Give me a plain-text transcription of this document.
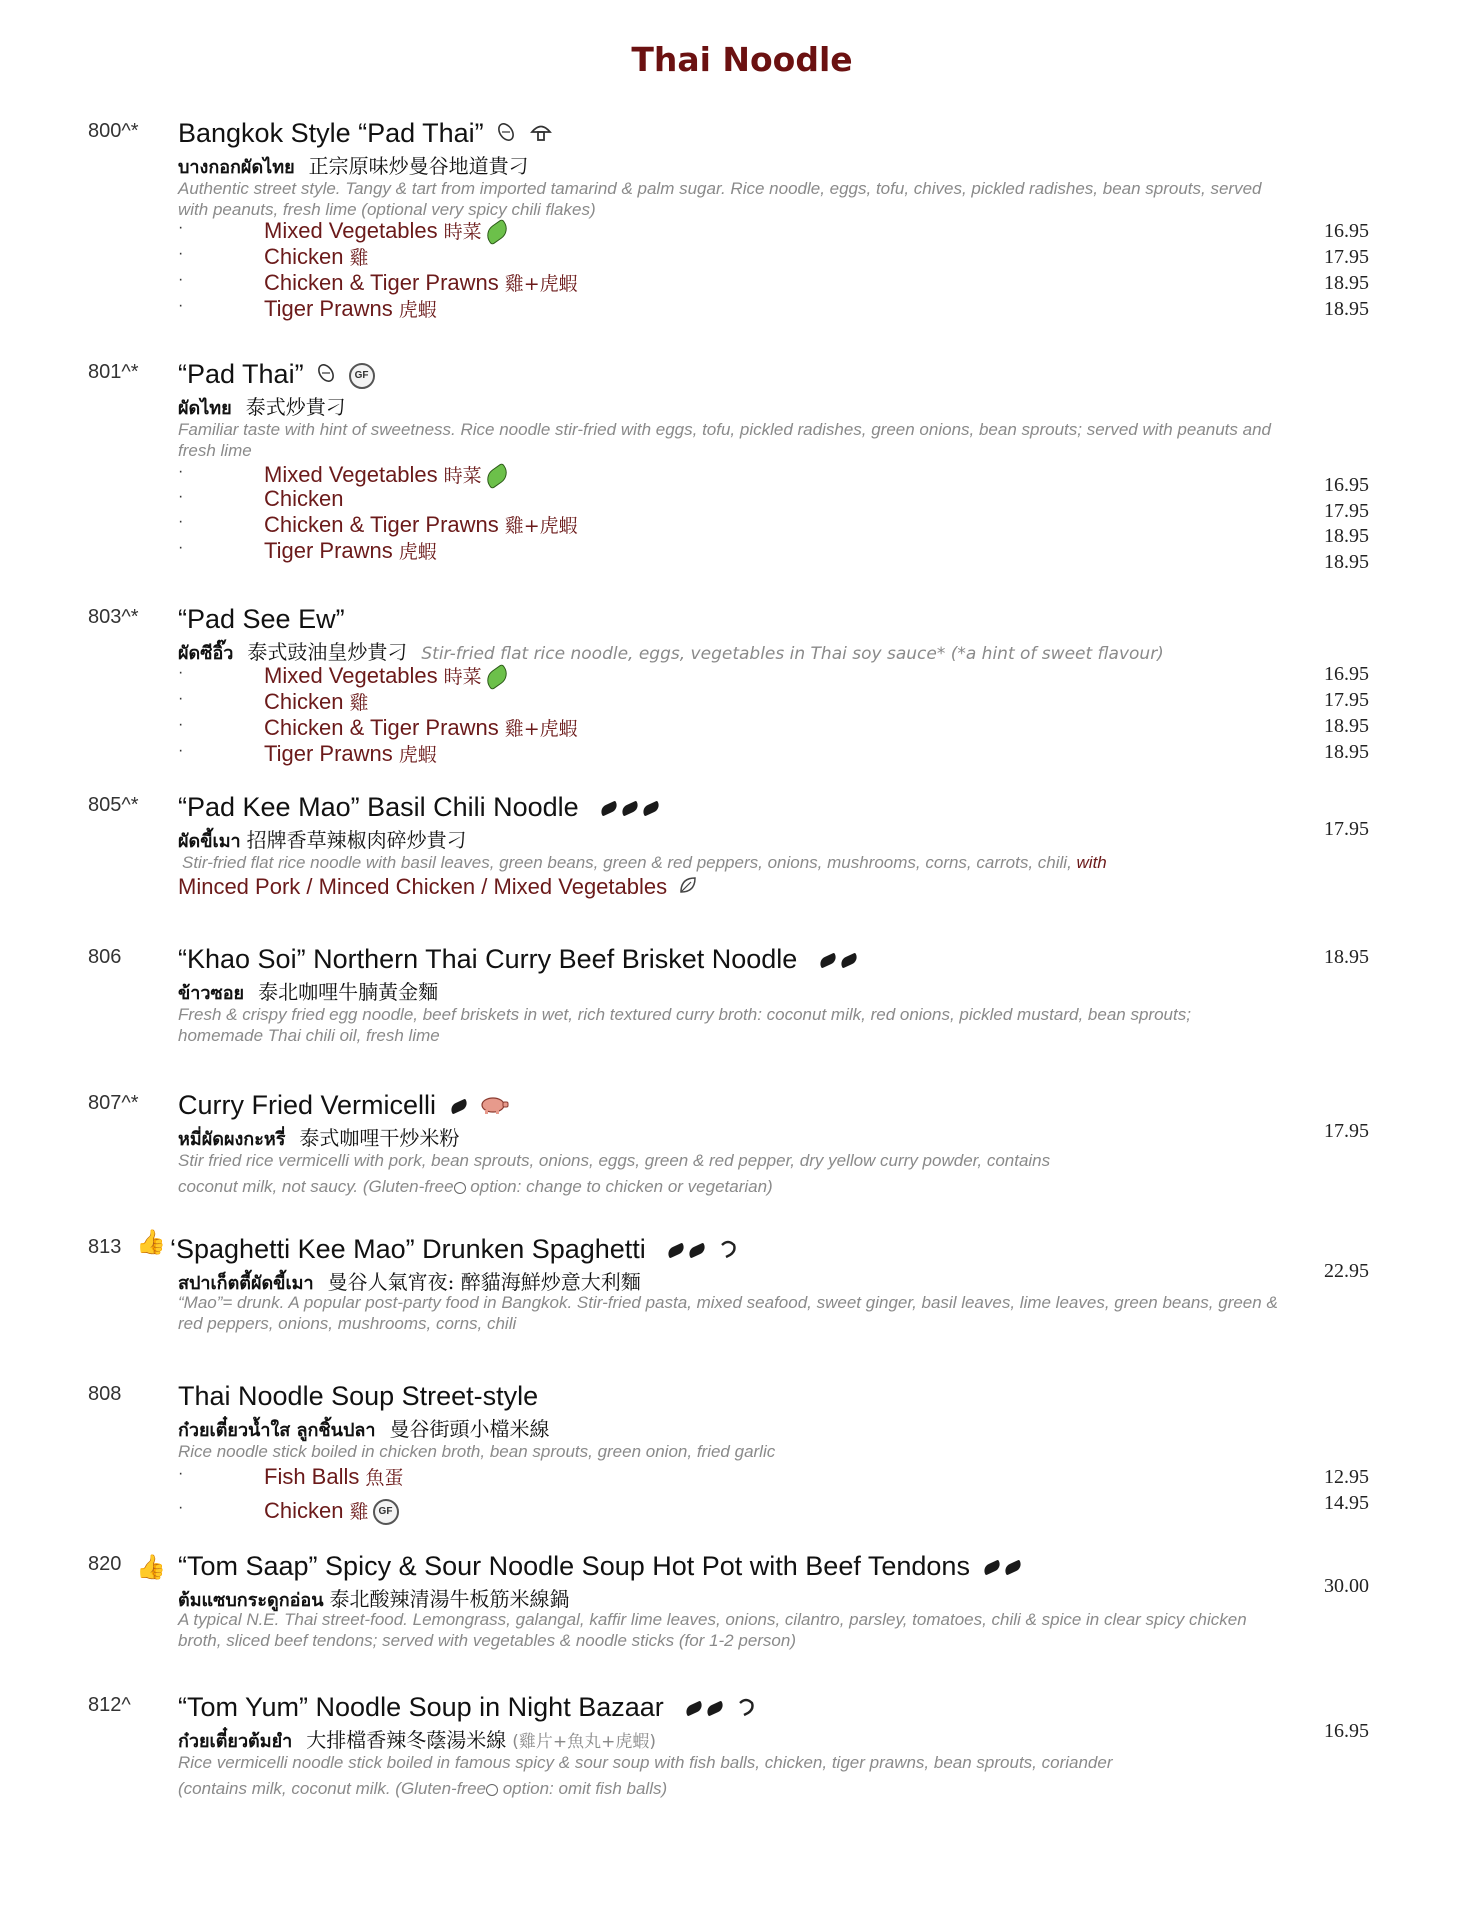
Thai Noodle
800^* Bangkok Style “Pad Thai”
บางกอกผัดไทย 正宗原味炒曼谷地道貴刁
Authentic street style. Tangy & tart from imported tamarind & palm sugar. Rice noodle, eggs, tofu, chives, pickled radishes, bean sprouts, served with peanuts, fresh lime (optional very spicy chili flakes)
·	Mixed Vegetables 時菜	16.95
·	Chicken 雞	17.95
·	Chicken & Tiger Prawns 雞+虎蝦	18.95
·	Tiger Prawns 虎蝦	18.95
801^* “Pad Thai”	GF
ผัดไทย 泰式炒貴刁
Familiar taste with hint of sweetness. Rice noodle stir-fried with eggs, tofu, pickled radishes, green onions, bean sprouts; served with peanuts and fresh lime
·	Mixed Vegetables 時菜	16.95
·	Chicken	17.95
·	Chicken & Tiger Prawns 雞+虎蝦	18.95
·	Tiger Prawns 虎蝦	18.95
803^* “Pad See Ew”
ผัดซีอิ๊ว 泰式豉油皇炒貴刁 Stir-fried flat rice noodle, eggs, vegetables in Thai soy sauce* (*a hint of sweet flavour)
·	Mixed Vegetables 時菜	16.95
·	Chicken 雞	17.95
·	Chicken & Tiger Prawns 雞+虎蝦	18.95
·	Tiger Prawns 虎蝦	18.95
805^* “Pad Kee Mao” Basil Chili Noodle
17.95
ผัดขี้เมา 招牌香草辣椒肉碎炒貴刁
Stir-fried flat rice noodle with basil leaves, green beans, green & red peppers, onions, mushrooms, corns, carrots, chili, with
Minced Pork / Minced Chicken / Mixed Vegetables
806 “Khao Soi” Northern Thai Curry Beef Brisket Noodle	18.95
ข้าวซอย 泰北咖哩牛腩黃金麵
Fresh & crispy fried egg noodle, beef briskets in wet, rich textured curry broth: coconut milk, red onions, pickled mustard, bean sprouts; homemade Thai chili oil, fresh lime
807^* Curry Fried Vermicelli
หมี่ผัดผงกะหรี่ 泰式咖哩干炒米粉	17.95
Stir fried rice vermicelli with pork, bean sprouts, onions, eggs, green & red pepper, dry yellow curry powder, contains
coconut milk, not saucy. (Gluten-free option: change to chicken or vegetarian)
813 👍 ‘Spaghetti Kee Mao” Drunken Spaghetti
22.95
สปาเก็ตตี้ผัดขี้เมา 曼谷人氣宵夜: 醉貓海鮮炒意大利麵
“Mao”= drunk. A popular post-party food in Bangkok. Stir-fried pasta, mixed seafood, sweet ginger, basil leaves, lime leaves, green beans, green & red peppers, onions, mushrooms, corns, chili
808 Thai Noodle Soup Street-style
ก๋วยเตี๋ยวน้ำใส ลูกชิ้นปลา 曼谷街頭小檔米線
Rice noodle stick boiled in chicken broth, bean sprouts, green onion, fried garlic
·	Fish Balls 魚蛋	12.95
·	Chicken 雞 GF	14.95
820 👍 “Tom Saap” Spicy & Sour Noodle Soup Hot Pot with Beef Tendons
30.00
ต้มแซบกระดูกอ่อน 泰北酸辣清湯牛板筋米線鍋
A typical N.E. Thai street-food. Lemongrass, galangal, kaffir lime leaves, onions, cilantro, parsley, tomatoes, chili & spice in clear spicy chicken broth, sliced beef tendons; served with vegetables & noodle sticks (for 1-2 person)
812^ “Tom Yum” Noodle Soup in Night Bazaar
16.95
ก๋วยเตี๋ยวต้มยำ 大排檔香辣冬蔭湯米線 (雞片+魚丸+虎蝦)
Rice vermicelli noodle stick boiled in famous spicy & sour soup with fish balls, chicken, tiger prawns, bean sprouts, coriander
(contains milk, coconut milk. (Gluten-free option: omit fish balls)
